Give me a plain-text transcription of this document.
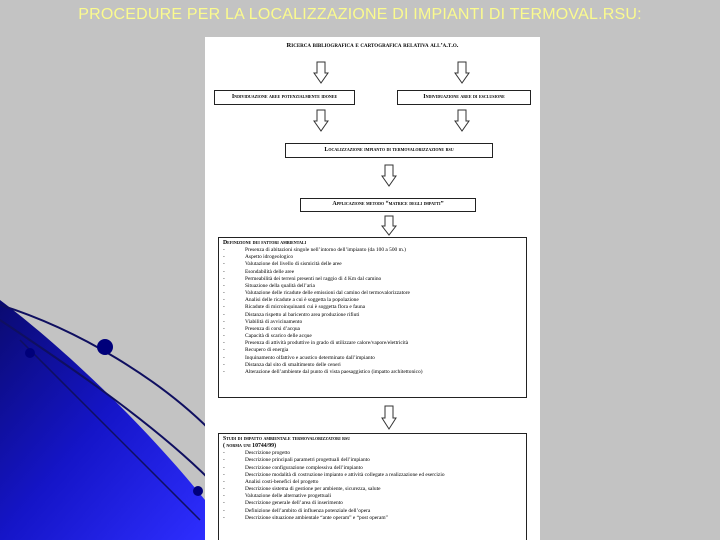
PROCEDURE PER LA LOCALIZZAZIONE DI IMPIANTI DI TERMOVAL.RSU:
Ricerca bibliografica e cartografica relativa all’a.t.o.
Individuazione aree potenzialmente idonee	Individuazione aree di esclusione
Localizzazione impianto di termovalorizzazione rsu
Applicazione metodo “matrice degli impatti”
Definizione dei fattori ambientali
-	Presenza di abitazioni singole nell’intorno dell’impianto (da 100 a 500 m.)
-	Aspetto idrogeologico
-	Valutazione del livello di sismicità delle aree
-	Esondabilità delle aree
-	Permeabilità dei terreni presenti nel raggio di 4 Km dal camino
-	Situazione della qualità dell’aria
-	Valutazione delle ricadute delle emissioni dal camino del termovalorizzatore
-	Analisi delle ricadute a cui è soggetta la popolazione
-	Ricadute di microinquinanti cui è soggetta flora e fauna
-	Distanza rispetto al baricentro area produzione rifiuti
-	Viabilità di avvicinamento
-	Presenza di corsi d’acqua
-	Capacità di scarico delle acque
-	Presenza di attività produttive in grado di utilizzare calore/vapore/elettricità
-	Recupero di energia
-	Inquinamento olfattivo e acustico determinato dall’impianto
-	Distanza dal sito di smaltimento delle ceneri
-	Alterazione dell’ambiente dal punto di vista paesaggistico (impatto architettonico)
Studi di impatto ambientale termovalorizzatori rsu
( norma uni 10744/99)
-	Descrizione progetto
-	Descrizione principali parametri progettuali dell’impianto
-	Descrizione configurazione complessiva dell’impianto
-	Descrizione modalità di costruzione impianto e attività collegate a realizzazione ed esercizio
-	Analisi costi-benefici del progetto
-	Descrizione sistema di gestione per ambiente, sicurezza, salute
-	Valutazione delle alternative progettuali
-	Descrizione generale dell’area di inserimento
-	Definizione dell’ambito di influenza potenziale dell’opera
-	Descrizione situazione ambientale “ante operam” e “post operam”
